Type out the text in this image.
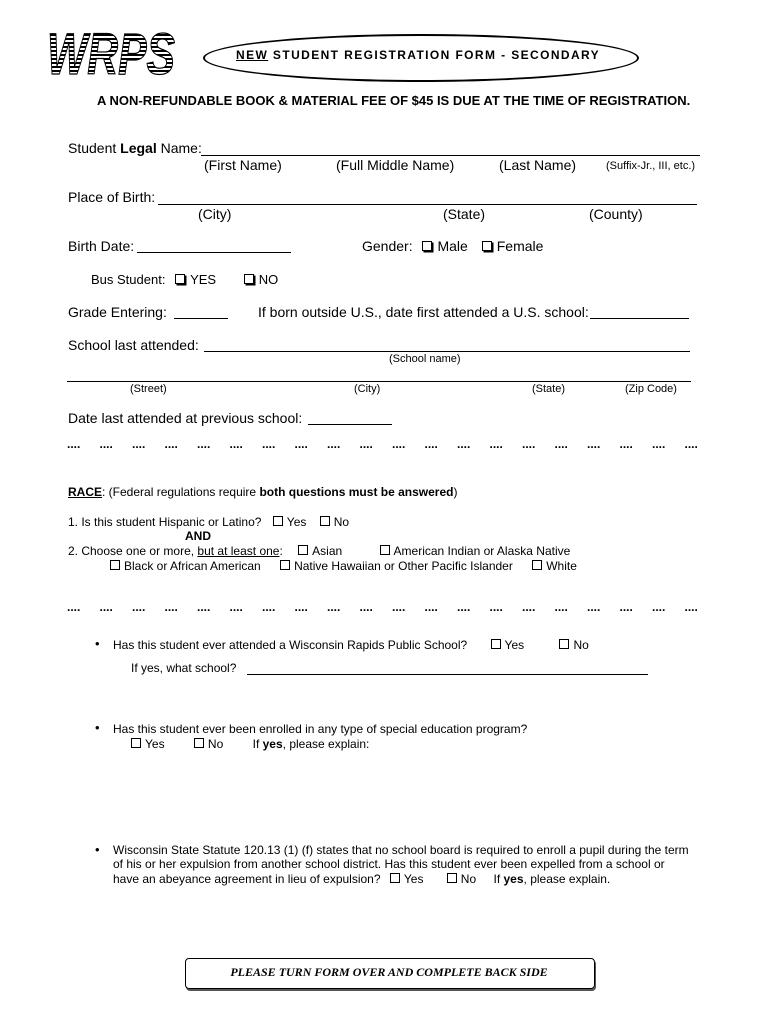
WRPS	NEW STUDENT REGISTRATION FORM - SECONDARY
A NON-REFUNDABLE BOOK & MATERIAL FEE OF $45 IS DUE AT THE TIME OF REGISTRATION.
Student Legal Name:
(First Name)	(Full Middle Name)	(Last Name)	(Suffix-Jr., III, etc.)
Place of Birth:
(City)	(State)	(County)
Birth Date:	Gender: Male Female
Bus Student: YES	NO
Grade Entering:	If born outside U.S., date first attended a U.S. school:
School last attended:
(School name)
(Street)	(City)	(State)	(Zip Code)
Date last attended at previous school:
.... .... .... .... .... .... .... .... .... .... .... .... .... .... .... .... .... .... .... ....
RACE: (Federal regulations require both questions must be answered)
1. Is this student Hispanic or Latino? Yes No
AND
2. Choose one or more, but at least one: Asian	American Indian or Alaska Native
Black or African American	Native Hawaiian or Other Pacific Islander	White
.... .... .... .... .... .... .... .... .... .... .... .... .... .... .... .... .... .... .... ....
• Has this student ever attended a Wisconsin Rapids Public School?	Yes	No
If yes, what school?
• Has this student ever been enrolled in any type of special education program?
Yes	No If yes, please explain:
• Wisconsin State Statute 120.13 (1) (f) states that no school board is required to enroll a pupil during the term
of his or her expulsion from another school district. Has this student ever been expelled from a school or
have an abeyance agreement in lieu of expulsion? Yes	No If yes, please explain.
PLEASE TURN FORM OVER AND COMPLETE BACK SIDE
